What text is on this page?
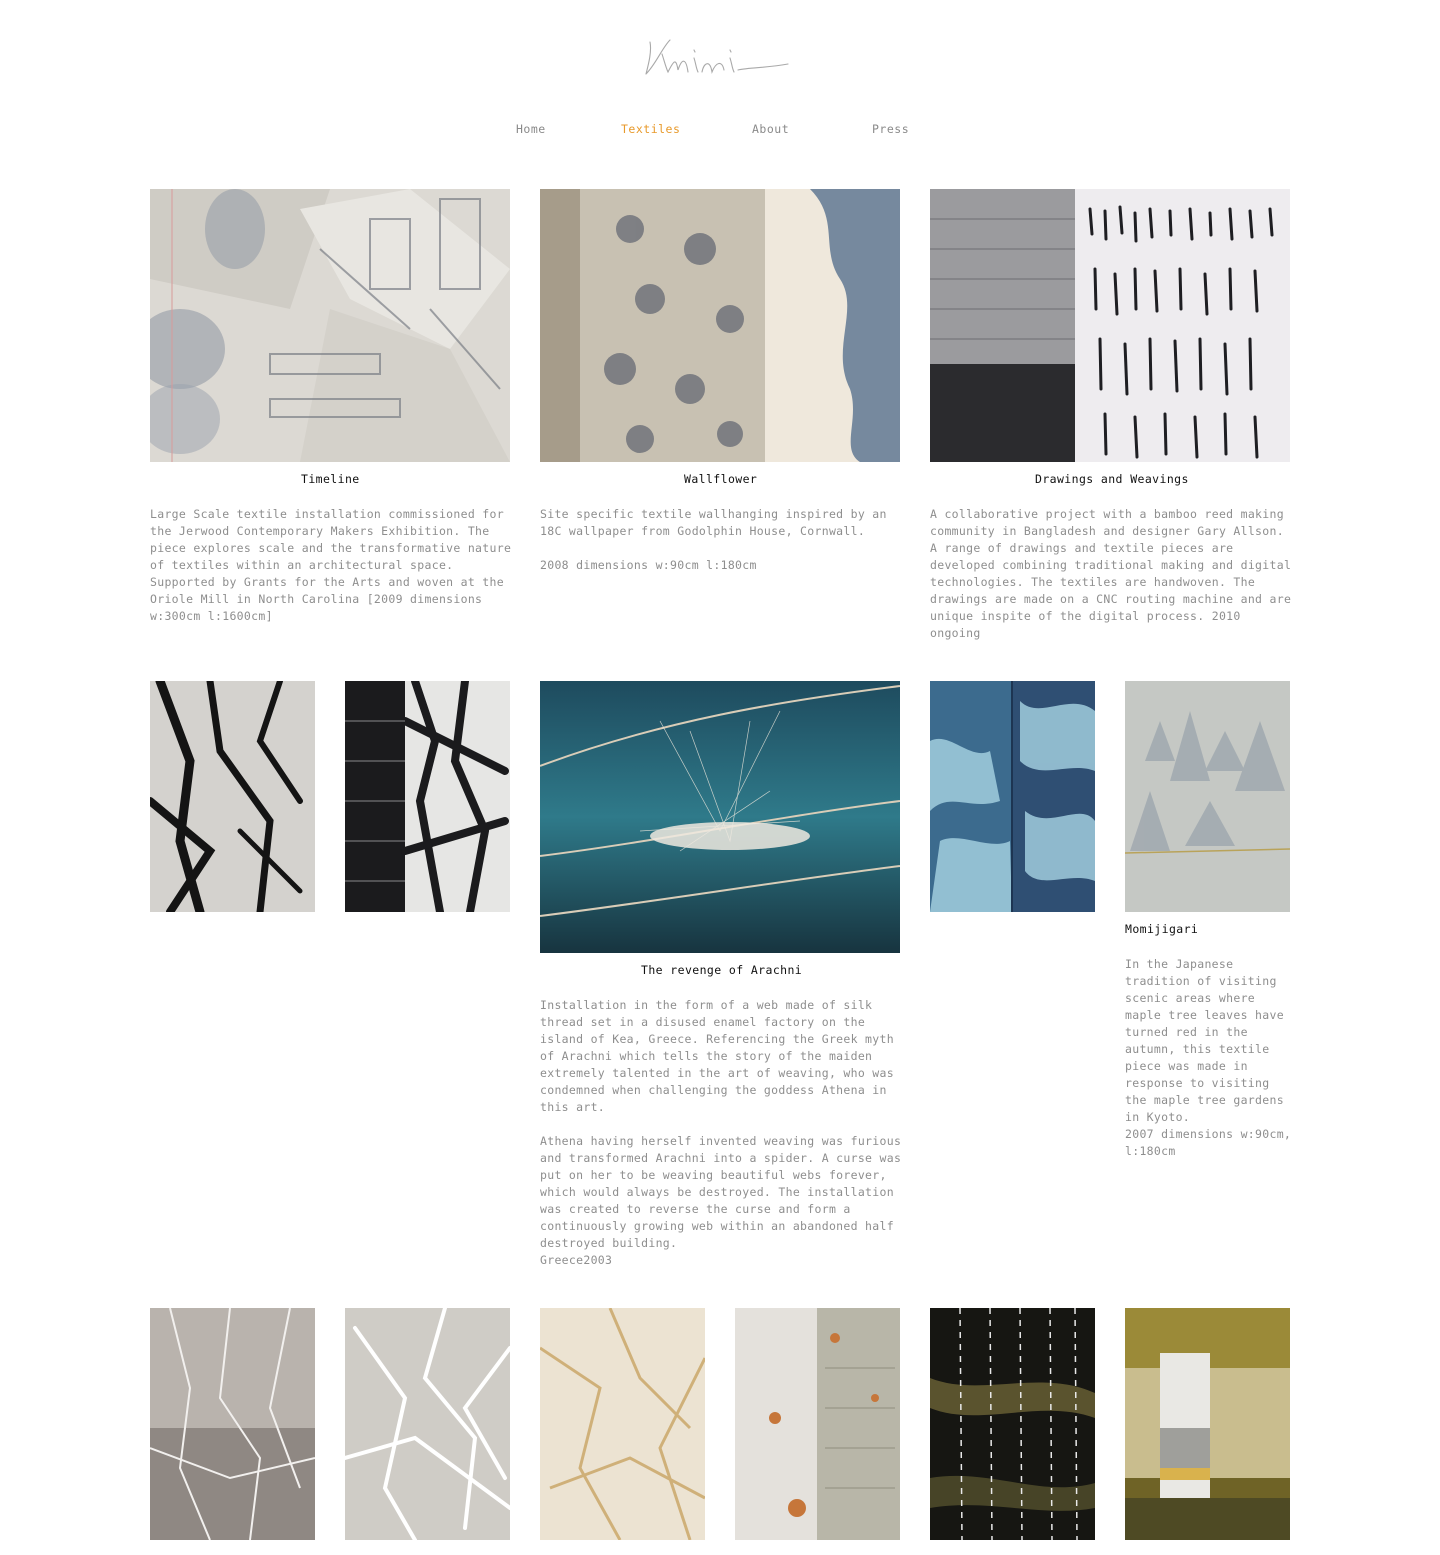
Home	Textiles	About	Press
Timeline

Large Scale textile installation commissioned for the Jerwood Contemporary Makers Exhibition. The piece explores scale and the transformative nature of textiles within an architectural space. Supported by Grants for the Arts and woven at the Oriole Mill in North Carolina [2009 dimensions w:300cm l:1600cm]

Wallflower

Site specific textile wallhanging inspired by an 18C wallpaper from Godolphin House, Cornwall.

2008 dimensions w:90cm l:180cm

Drawings and Weavings

A collaborative project with a bamboo reed making community in Bangladesh and designer Gary Allson. A range of drawings and textile pieces are developed combining traditional making and digital technologies. The textiles are handwoven. The drawings are made on a CNC routing machine and are unique inspite of the digital process. 2010 ongoing

The revenge of Arachni

Installation in the form of a web made of silk thread set in a disused enamel factory on the island of Kea, Greece. Referencing the Greek myth of Arachni which tells the story of the maiden extremely talented in the art of weaving, who was condemned when challenging the goddess Athena in this art.

Athena having herself invented weaving was furious and transformed Arachni into a spider. A curse was put on her to be weaving beautiful webs forever, which would always be destroyed. The installation was created to reverse the curse and form a continuously growing web within an abandoned half destroyed building.
Greece2003

Momijigari

In the Japanese tradition of visiting scenic areas where maple tree leaves have turned red in the autumn, this textile piece was made in response to visiting the maple tree gardens in Kyoto.
2007 dimensions w:90cm, l:180cm
